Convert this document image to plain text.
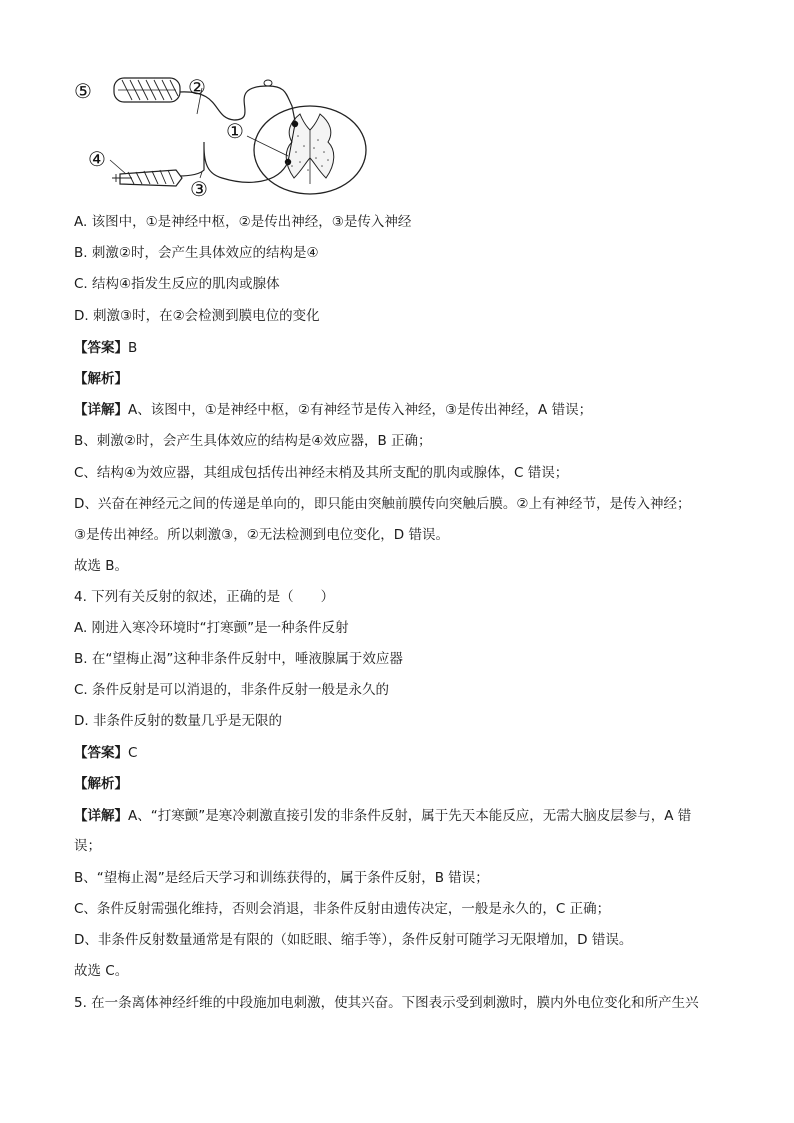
⑤	②
①
④
③
A. 该图中，①是神经中枢，②是传出神经，③是传入神经
B. 刺激②时，会产生具体效应的结构是④
C. 结构④指发生反应的肌肉或腺体
D. 刺激③时，在②会检测到膜电位的变化
【答案】B
【解析】
【详解】A、该图中，①是神经中枢，②有神经节是传入神经，③是传出神经，A 错误；
B、刺激②时，会产生具体效应的结构是④效应器，B 正确；
C、结构④为效应器，其组成包括传出神经末梢及其所支配的肌肉或腺体，C 错误；
D、兴奋在神经元之间的传递是单向的，即只能由突触前膜传向突触后膜。②上有神经节，是传入神经；
③是传出神经。所以刺激③，②无法检测到电位变化，D 错误。
故选 B。
4. 下列有关反射的叙述，正确的是（　　）
A. 刚进入寒冷环境时“打寒颤”是一种条件反射
B. 在“望梅止渴”这种非条件反射中，唾液腺属于效应器
C. 条件反射是可以消退的，非条件反射一般是永久的
D. 非条件反射的数量几乎是无限的
【答案】C
【解析】
【详解】A、“打寒颤”是寒冷刺激直接引发的非条件反射，属于先天本能反应，无需大脑皮层参与，A 错
误；
B、“望梅止渴”是经后天学习和训练获得的，属于条件反射，B 错误；
C、条件反射需强化维持，否则会消退，非条件反射由遗传决定，一般是永久的，C 正确；
D、非条件反射数量通常是有限的（如眨眼、缩手等），条件反射可随学习无限增加，D 错误。
故选 C。
5. 在一条离体神经纤维的中段施加电刺激，使其兴奋。下图表示受到刺激时，膜内外电位变化和所产生兴
